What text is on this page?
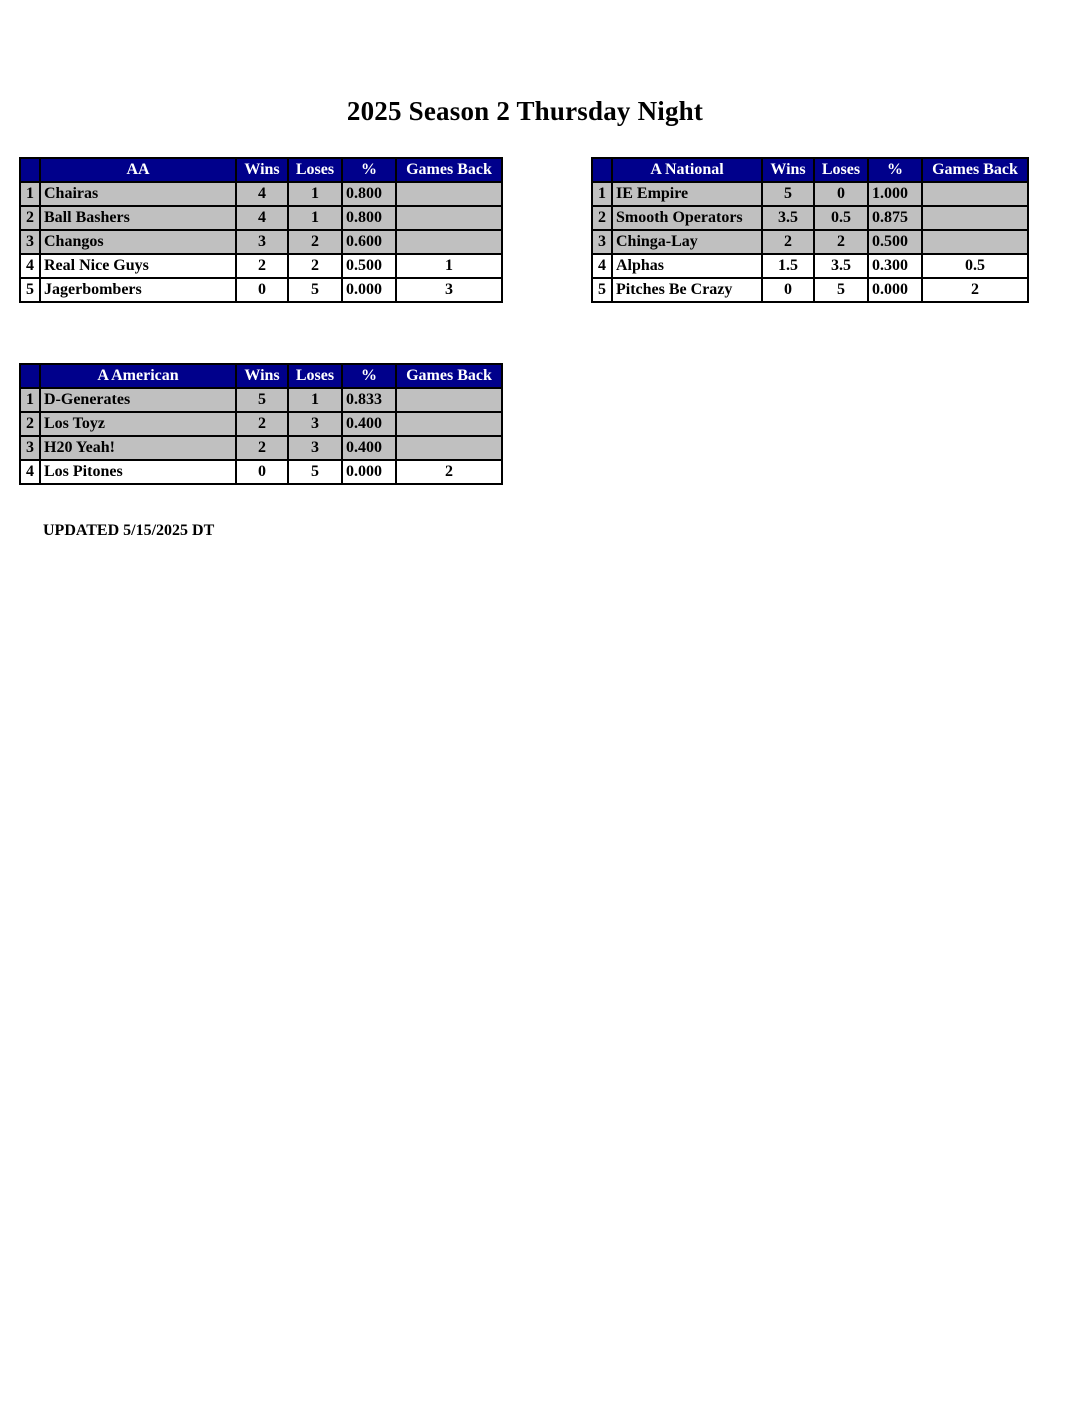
2025 Season 2 Thursday Night
	AA	Wins	Loses	%	Games Back
1	Chairas	4	1	0.800	
2	Ball Bashers	4	1	0.800	
3	Changos	3	2	0.600	
4	Real Nice Guys	2	2	0.500	1
5	Jagerbombers	0	5	0.000	3
	A National	Wins	Loses	%	Games Back
1	IE Empire	5	0	1.000	
2	Smooth Operators	3.5	0.5	0.875	
3	Chinga-Lay	2	2	0.500	
4	Alphas	1.5	3.5	0.300	0.5
5	Pitches Be Crazy	0	5	0.000	2
	A American	Wins	Loses	%	Games Back
1	D-Generates	5	1	0.833	
2	Los Toyz	2	3	0.400	
3	H20 Yeah!	2	3	0.400	
4	Los Pitones	0	5	0.000	2
UPDATED 5/15/2025 DT
